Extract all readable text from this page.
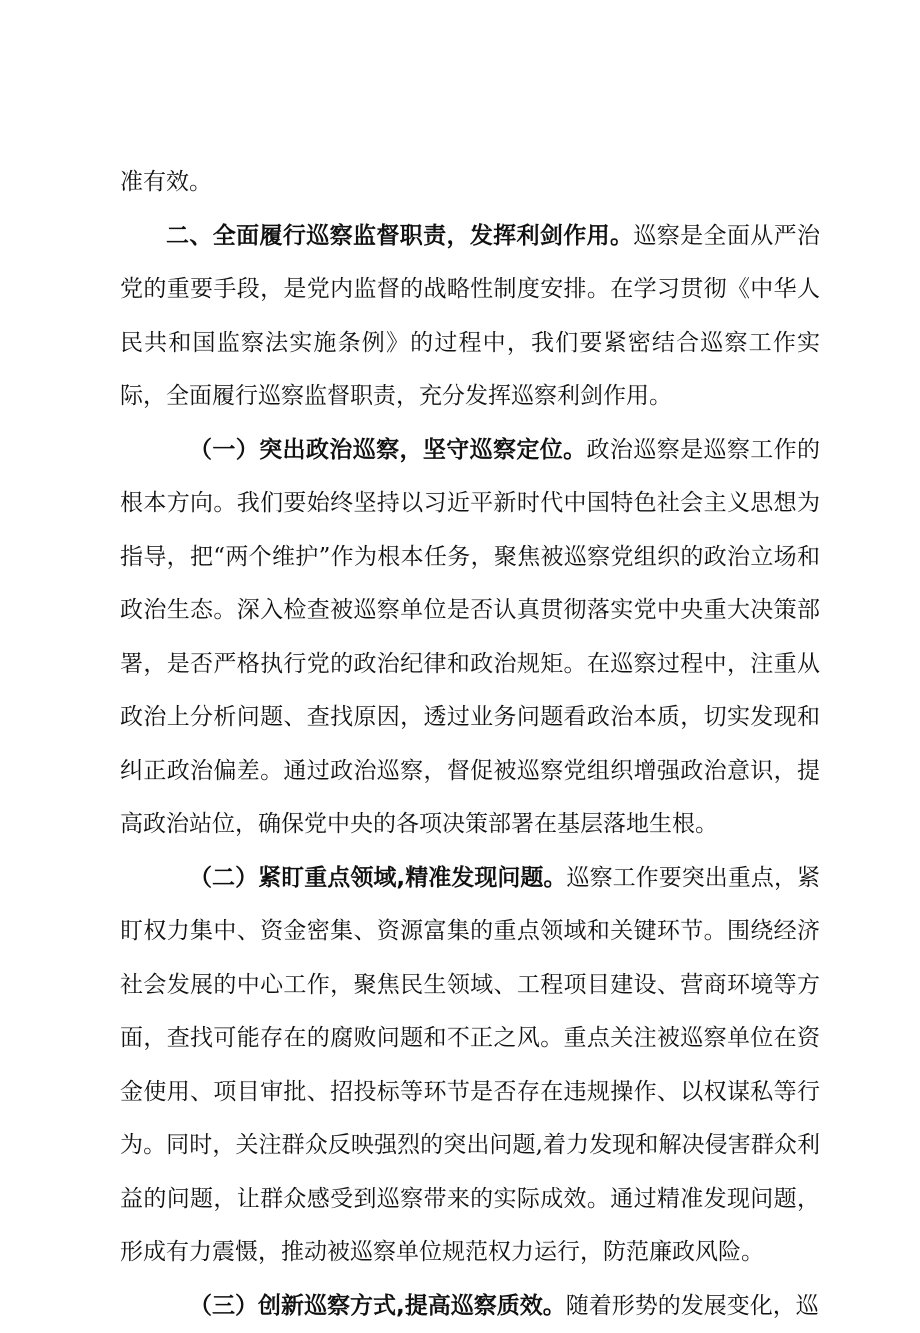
准有效。

二、全面履行巡察监督职责，发挥利剑作用。巡察是全面从严治党的重要手段，是党内监督的战略性制度安排。在学习贯彻《中华人民共和国监察法实施条例》的过程中，我们要紧密结合巡察工作实际，全面履行巡察监督职责，充分发挥巡察利剑作用。

（一）突出政治巡察，坚守巡察定位。政治巡察是巡察工作的根本方向。我们要始终坚持以习近平新时代中国特色社会主义思想为指导，把“两个维护”作为根本任务，聚焦被巡察党组织的政治立场和政治生态。深入检查被巡察单位是否认真贯彻落实党中央重大决策部署，是否严格执行党的政治纪律和政治规矩。在巡察过程中，注重从政治上分析问题、查找原因，透过业务问题看政治本质，切实发现和纠正政治偏差。通过政治巡察，督促被巡察党组织增强政治意识，提高政治站位，确保党中央的各项决策部署在基层落地生根。

（二）紧盯重点领域,精准发现问题。巡察工作要突出重点，紧盯权力集中、资金密集、资源富集的重点领域和关键环节。围绕经济社会发展的中心工作，聚焦民生领域、工程项目建设、营商环境等方面，查找可能存在的腐败问题和不正之风。重点关注被巡察单位在资金使用、项目审批、招投标等环节是否存在违规操作、以权谋私等行为。同时，关注群众反映强烈的突出问题,着力发现和解决侵害群众利益的问题，让群众感受到巡察带来的实际成效。通过精准发现问题，形成有力震慑，推动被巡察单位规范权力运行，防范廉政风险。

（三）创新巡察方式,提高巡察质效。随着形势的发展变化，巡
